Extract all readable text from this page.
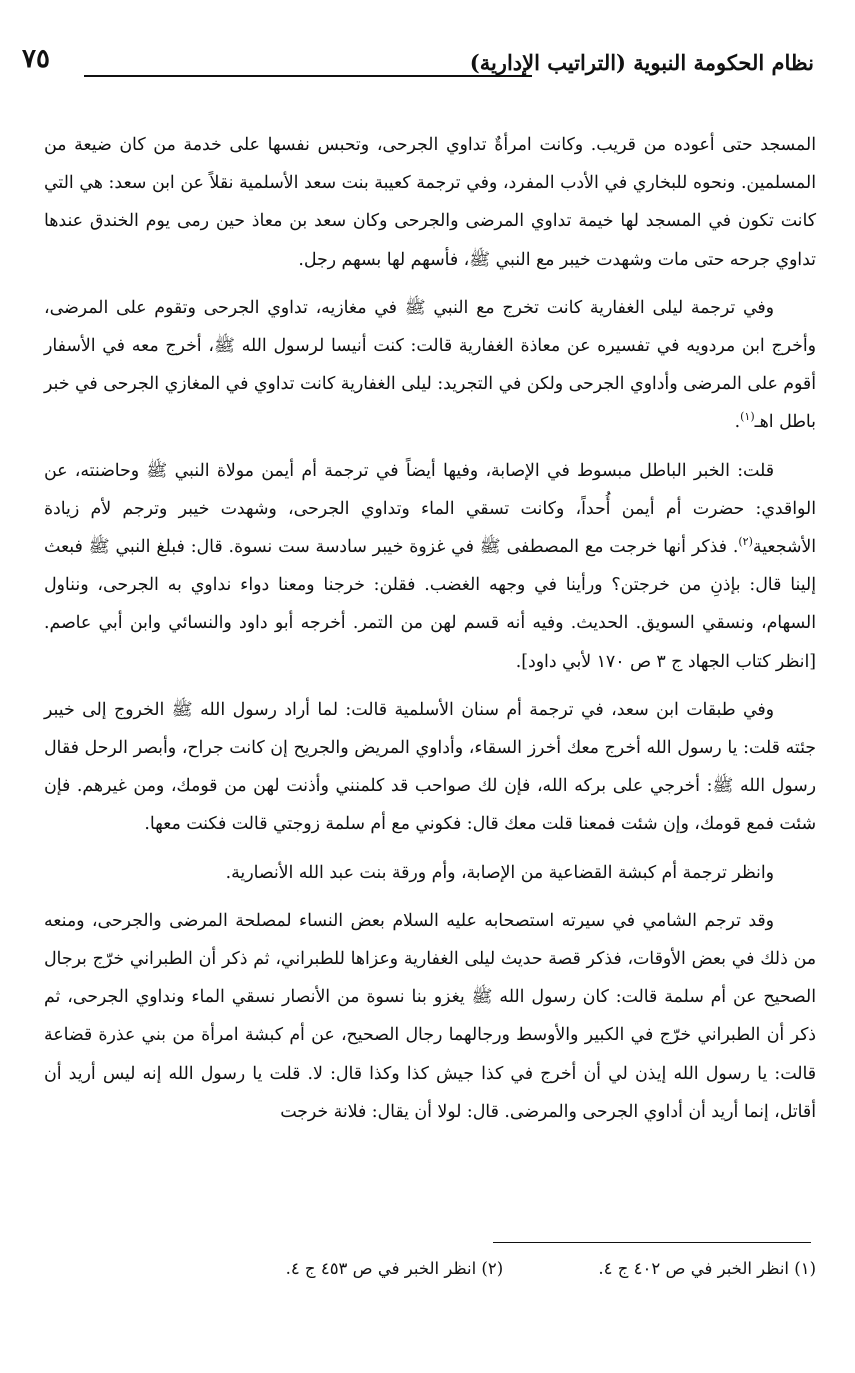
نظام الحكومة النبوية (التراتيب الإدارية)
٧٥

المسجد حتى أعوده من قريب. وكانت امرأةٌ تداوي الجرحى، وتحبس نفسها على خدمة من كان ضيعة من المسلمين. ونحوه للبخاري في الأدب المفرد، وفي ترجمة كعيبة بنت سعد الأسلمية نقلاً عن ابن سعد: هي التي كانت تكون في المسجد لها خيمة تداوي المرضى والجرحى وكان سعد بن معاذ حين رمى يوم الخندق عندها تداوي جرحه حتى مات وشهدت خيبر مع النبي ﷺ، فأسهم لها بسهم رجل.

وفي ترجمة ليلى الغفارية كانت تخرج مع النبي ﷺ في مغازيه، تداوي الجرحى وتقوم على المرضى، وأخرج ابن مردويه في تفسيره عن معاذة الغفارية قالت: كنت أنيسا لرسول الله ﷺ، أخرج معه في الأسفار أقوم على المرضى وأداوي الجرحى ولكن في التجريد: ليلى الغفارية كانت تداوي في المغازي الجرحى في خبر باطل اهـ$^{(١)}$.

قلت: الخبر الباطل مبسوط في الإصابة، وفيها أيضاً في ترجمة أم أيمن مولاة النبي ﷺ وحاضنته، عن الواقدي: حضرت أم أيمن أُحداً، وكانت تسقي الماء وتداوي الجرحى، وشهدت خيبر وترجم لأم زيادة الأشجعية$^{(٢)}$. فذكر أنها خرجت مع المصطفى ﷺ في غزوة خيبر سادسة ست نسوة. قال: فبلغ النبي ﷺ فبعث إلينا قال: بإذنِ من خرجتن؟ ورأينا في وجهه الغضب. فقلن: خرجنا ومعنا دواء نداوي به الجرحى، ونناول السهام، ونسقي السويق. الحديث. وفيه أنه قسم لهن من التمر. أخرجه أبو داود والنسائي وابن أبي عاصم. [انظر كتاب الجهاد ج ٣ ص ١٧٠ لأبي داود].

وفي طبقات ابن سعد، في ترجمة أم سنان الأسلمية قالت: لما أراد رسول الله ﷺ الخروج إلى خيبر جئته قلت: يا رسول الله أخرج معك أخرز السقاء، وأداوي المريض والجريح إن كانت جراح، وأبصر الرحل فقال رسول الله ﷺ: أخرجي على بركه الله، فإن لك صواحب قد كلمنني وأذنت لهن من قومك، ومن غيرهم. فإن شئت فمع قومك، وإن شئت فمعنا قلت معك قال: فكوني مع أم سلمة زوجتي قالت فكنت معها.

وانظر ترجمة أم كبشة القضاعية من الإصابة، وأم ورقة بنت عبد الله الأنصارية.

وقد ترجم الشامي في سيرته استصحابه عليه السلام بعض النساء لمصلحة المرضى والجرحى، ومنعه من ذلك في بعض الأوقات، فذكر قصة حديث ليلى الغفارية وعزاها للطبراني، ثم ذكر أن الطبراني خرّج برجال الصحيح عن أم سلمة قالت: كان رسول الله ﷺ يغزو بنا نسوة من الأنصار نسقي الماء ونداوي الجرحى، ثم ذكر أن الطبراني خرّج في الكبير والأوسط ورجالهما رجال الصحيح، عن أم كبشة امرأة من بني عذرة قضاعة قالت: يا رسول الله إيذن لي أن أخرج في كذا جيش كذا وكذا قال: لا. قلت يا رسول الله إنه ليس أريد أن أقاتل، إنما أريد أن أداوي الجرحى والمرضى. قال: لولا أن يقال: فلانة خرجت

(١) انظر الخبر في ص ٤٠٢ ج ٤. (٢) انظر الخبر في ص ٤٥٣ ج ٤.
